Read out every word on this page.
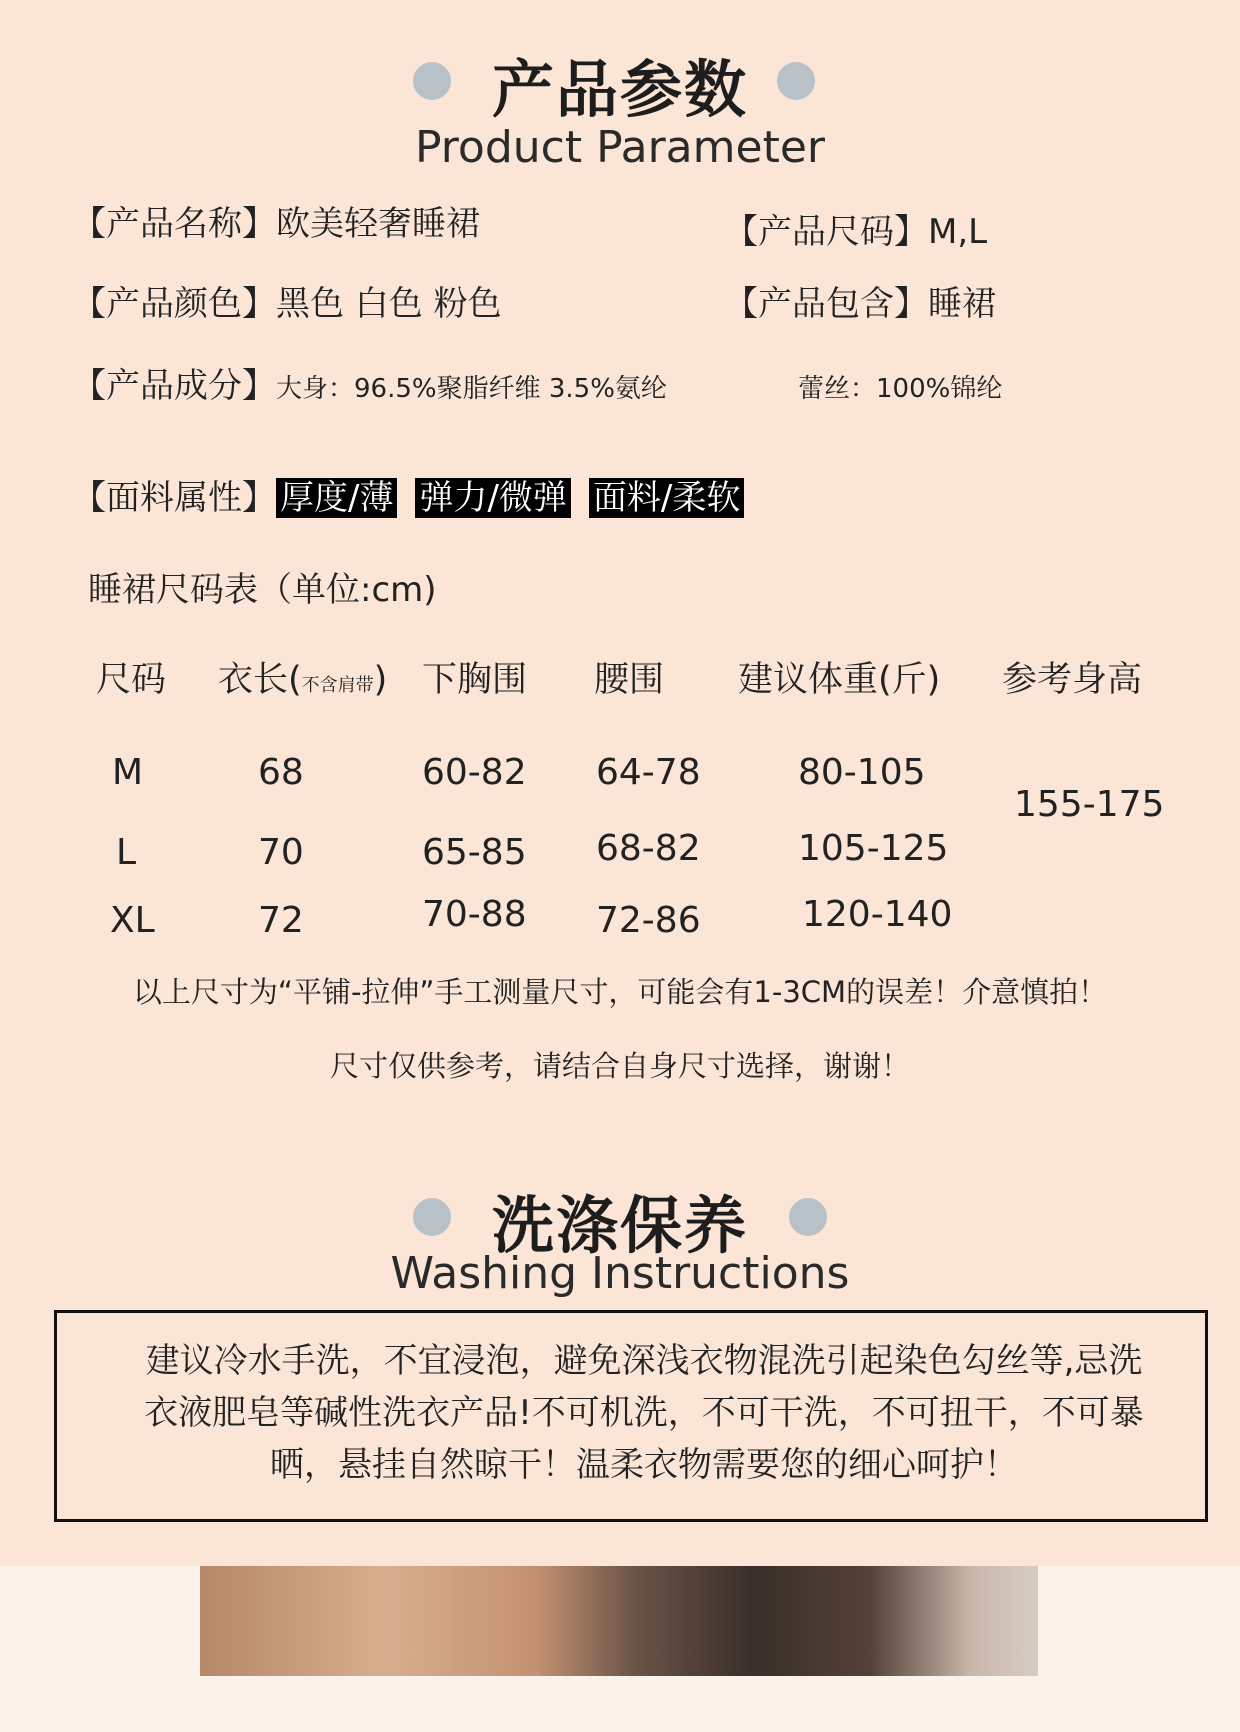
产品参数
Product Parameter
【产品名称】欧美轻奢睡裙	【产品尺码】M,L
【产品颜色】黑色 白色 粉色	【产品包含】睡裙
【产品成分】大身：96.5%聚脂纤维 3.5%氨纶	蕾丝：100%锦纶
【面料属性】 厚度/薄 弹力/微弹 面料/柔软
睡裙尺码表（单位:cm)
尺码 衣长(不含肩带) 下胸围 腰围 建议体重(斤) 参考身高
M	68	60-82 64-78	80-105
L	70	65-85 68-82	105-125
XL	72	70-88 72-86	120-140
155-175
以上尺寸为“平铺-拉伸”手工测量尺寸，可能会有1-3CM的误差！介意慎拍！
尺寸仅供参考，请结合自身尺寸选择，谢谢！
洗涤保养
Washing Instructions
建议冷水手洗，不宜浸泡，避免深浅衣物混洗引起染色勾丝等,忌洗
衣液肥皂等碱性洗衣产品!不可机洗，不可干洗，不可扭干，不可暴
晒，悬挂自然晾干！温柔衣物需要您的细心呵护！
